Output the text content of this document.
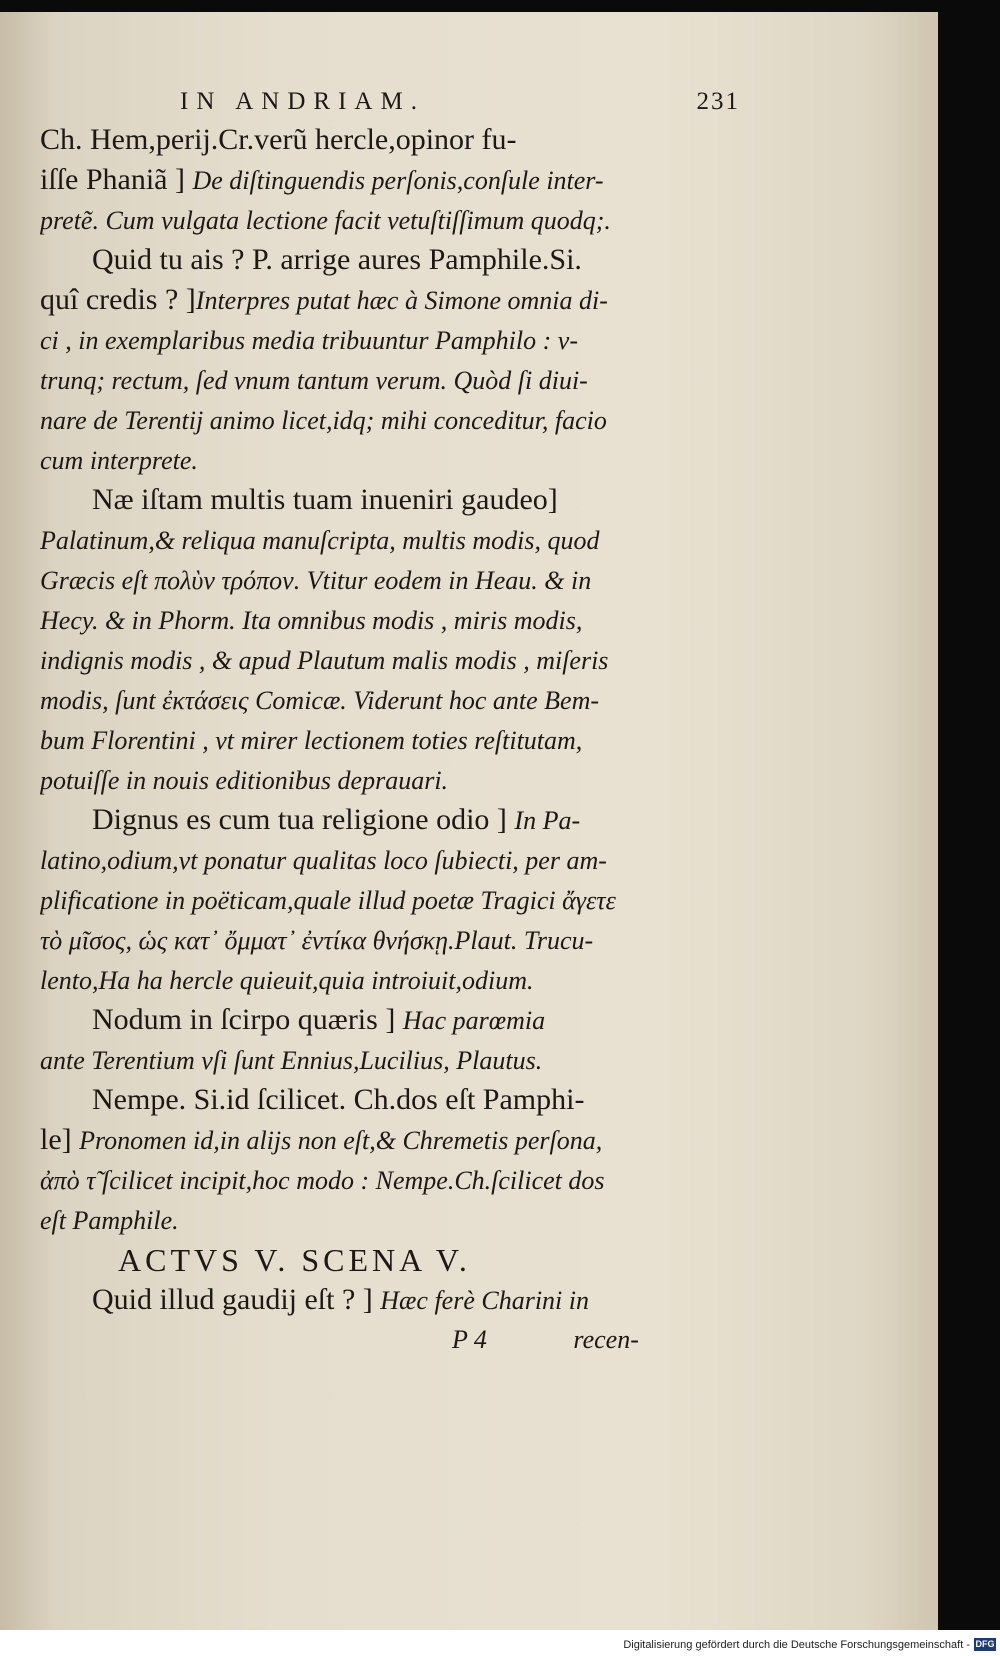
IN ANDRIAM.	231
Ch. Hem,perij.Cr.verũ hercle,opinor fu-
iſſe Phaniã ] De diſtinguendis perſonis,conſule inter-
pretẽ. Cum vulgata lectione facit vetuſtiſſimum quodq;.
Quid tu ais ? P. arrige aures Pamphile.Si.
quî credis ? ]Interpres putat hæc à Simone omnia di-
ci , in exemplaribus media tribuuntur Pamphilo : v-
trunq; rectum, ſed vnum tantum verum. Quòd ſi diui-
nare de Terentij animo licet,idq; mihi conceditur, facio
cum interprete.
Næ iſtam multis tuam inueniri gaudeo]
Palatinum,& reliqua manuſcripta, multis modis, quod
Græcis eſt πολὺν τρόπον. Vtitur eodem in Heau. & in
Hecy. & in Phorm. Ita omnibus modis , miris modis,
indignis modis , & apud Plautum malis modis , miſeris
modis, ſunt ἐκτάσεις Comicæ. Viderunt hoc ante Bem-
bum Florentini , vt mirer lectionem toties reſtitutam,
potuiſſe in nouis editionibus deprauari.
Dignus es cum tua religione odio ] In Pa-
latino,odium,vt ponatur qualitas loco ſubiecti, per am-
plificatione in poëticam,quale illud poetæ Tragici ἄγετε
τὸ μῖσος, ὡς κατ᾽ ὄμματ᾽ ἐντίκα θνήσκῃ.Plaut. Trucu-
lento,Ha ha hercle quieuit,quia introiuit,odium.
Nodum in ſcirpo quæris ] Hac parœmia
ante Terentium vſi ſunt Ennius,Lucilius, Plautus.
Nempe. Si.id ſcilicet. Ch.dos eſt Pamphi-
le] Pronomen id,in alijs non eſt,& Chremetis perſona,
ἀπὸ τ̃ ſcilicet incipit,hoc modo : Nempe.Ch.ſcilicet dos
eſt Pamphile.
ACTVS V. SCENA V.
Quid illud gaudij eſt ? ] Hæc ferè Charini in
P 4	recen-
Digitalisierung gefördert durch die Deutsche Forschungsgemeinschaft - DFG
